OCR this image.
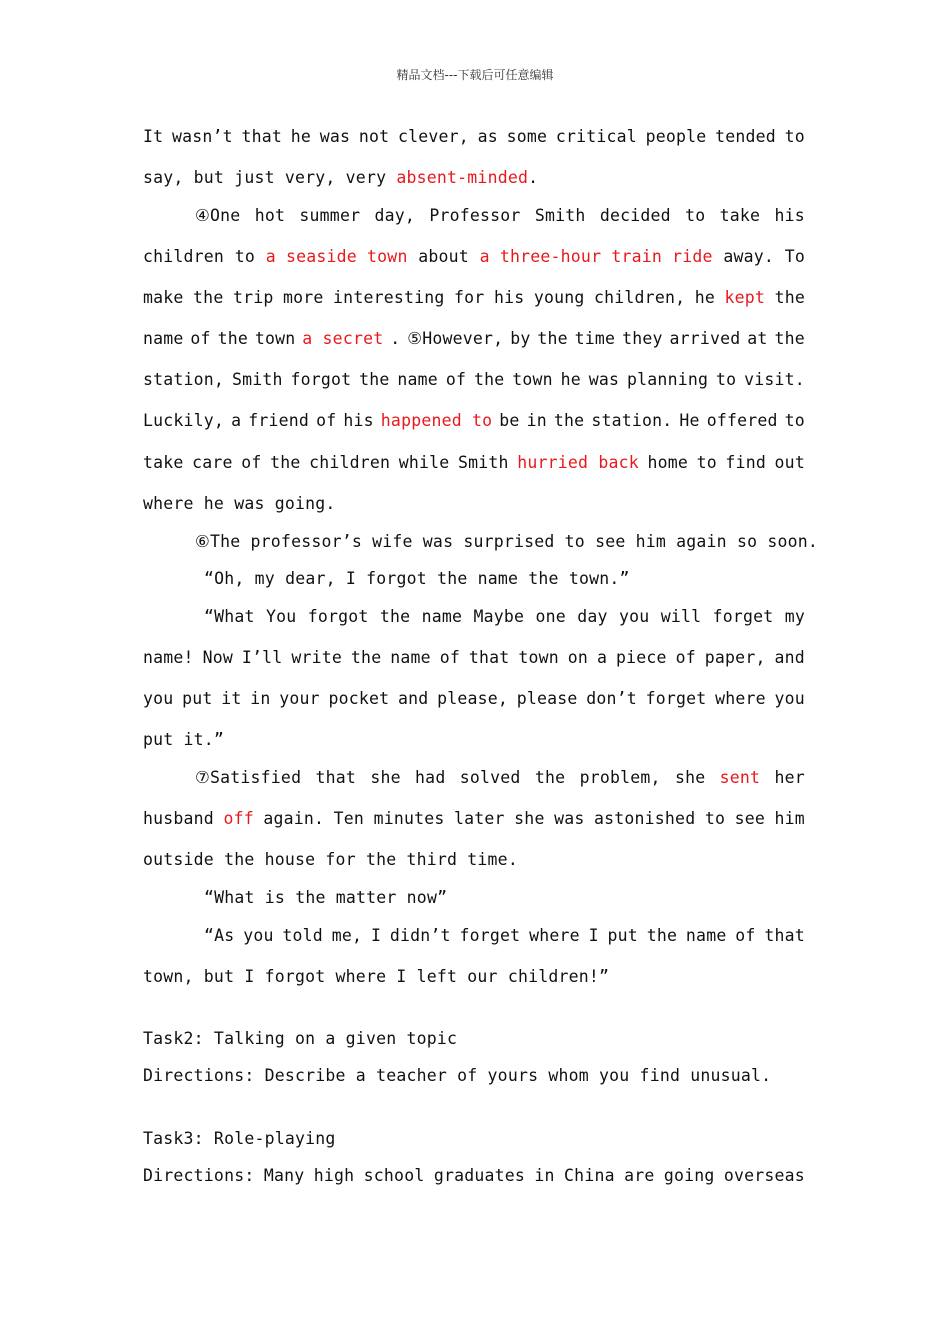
精品文档---下载后可任意编辑
It wasn’t that he was not clever, as some critical people tended to
say, but just very, very absent-minded.
④One hot summer day, Professor Smith decided to take his
children to a seaside town about a three-hour train ride away. To
make the trip more interesting for his young children, he kept the
name of the town a secret . ⑤However, by the time they arrived at the
station, Smith forgot the name of the town he was planning to visit.
Luckily, a friend of his happened to be in the station. He offered to
take care of the children while Smith hurried back home to find out
where he was going.
⑥The professor’s wife was surprised to see him again so soon.
“Oh, my dear, I forgot the name the town.”
“What You forgot the name Maybe one day you will forget my
name! Now I’ll write the name of that town on a piece of paper, and
you put it in your pocket and please, please don’t forget where you
put it.”
⑦Satisfied that she had solved the problem, she sent her
husband off again. Ten minutes later she was astonished to see him
outside the house for the third time.
“What is the matter now”
“As you told me, I didn’t forget where I put the name of that
town, but I forgot where I left our children!”
Task2: Talking on a given topic
Directions: Describe a teacher of yours whom you find unusual.
Task3: Role-playing
Directions: Many high school graduates in China are going overseas
